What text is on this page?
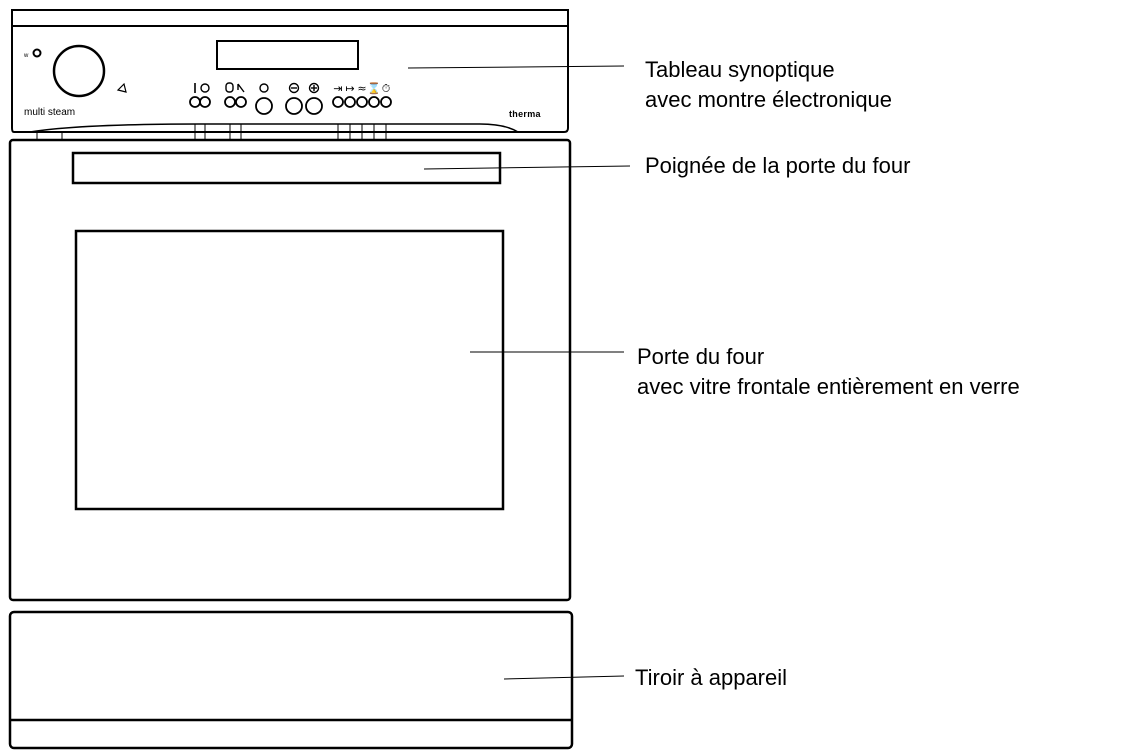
w
⇥ ↦ ≈ ⌛ ⏱
multi steam	therma
Tableau synoptique
avec montre électronique
Poignée de la porte du four
Porte du four
avec vitre frontale entièrement en verre
Tiroir à appareil
